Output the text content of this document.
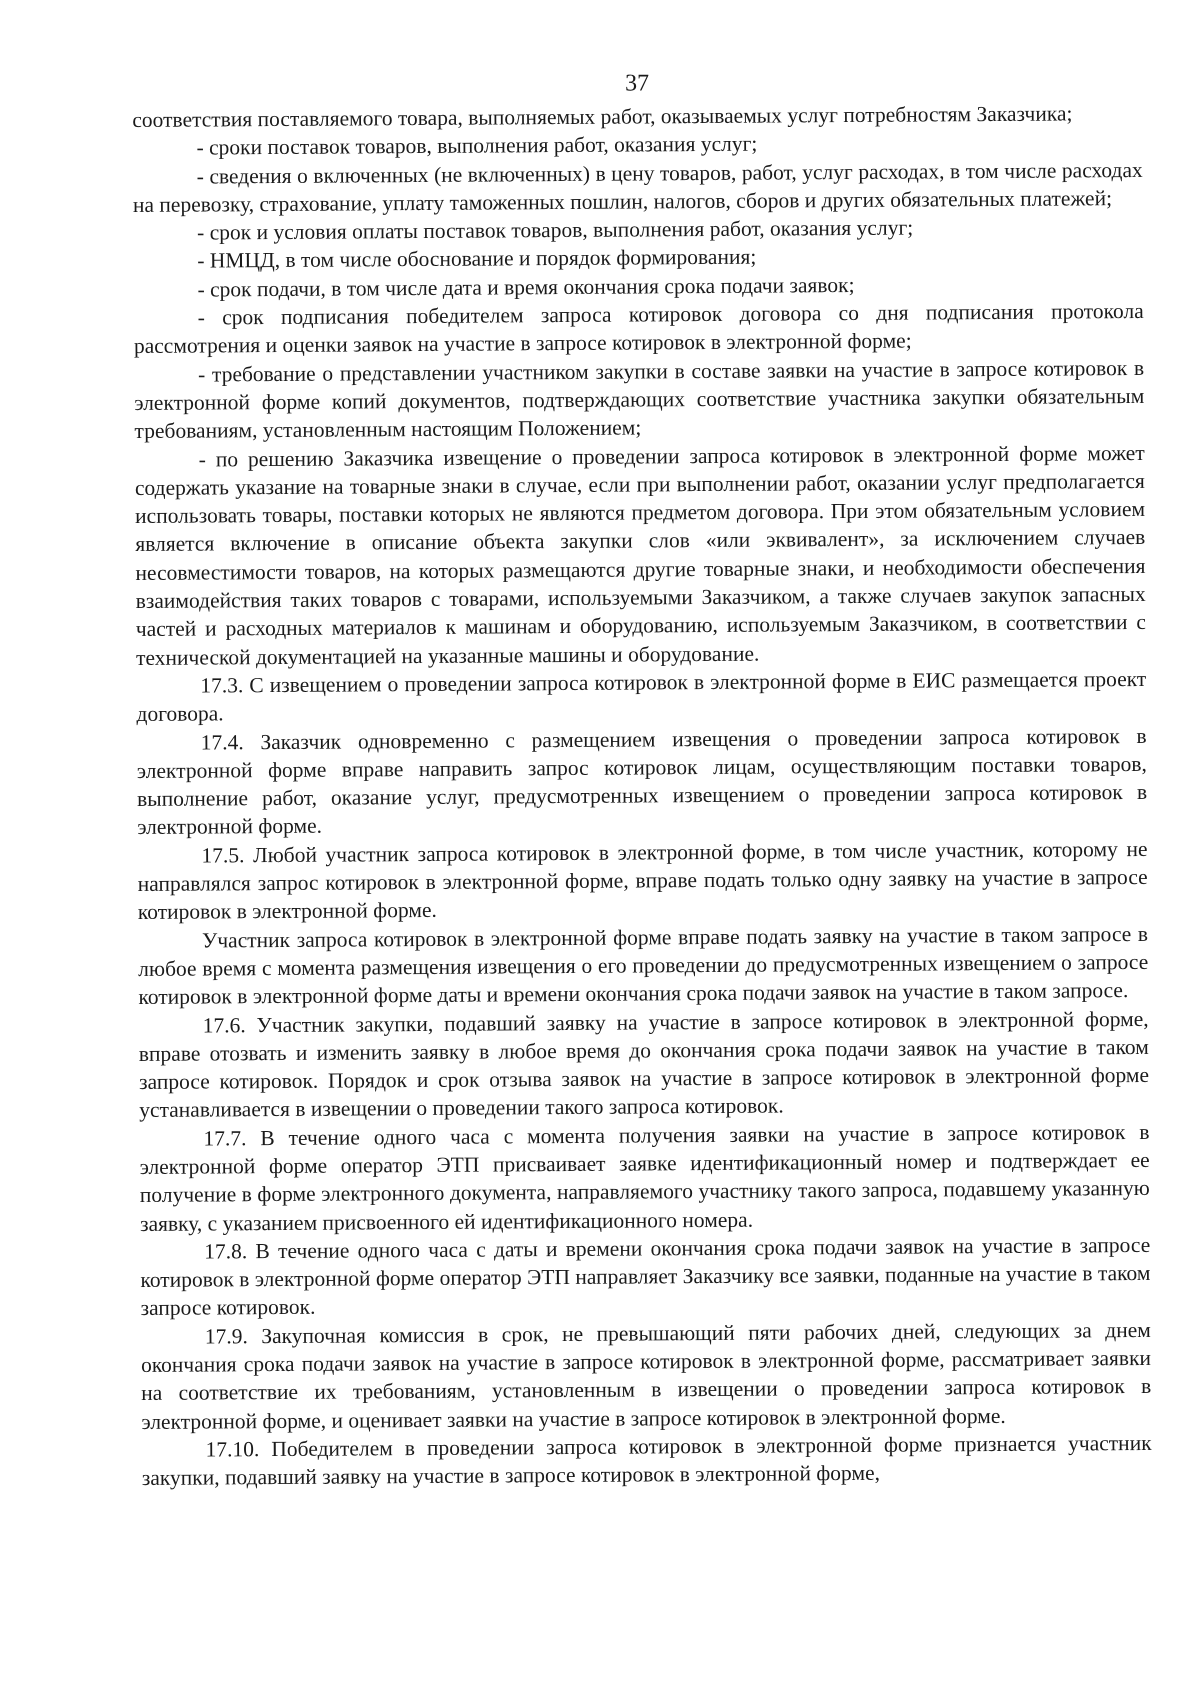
37

соответствия поставляемого товара, выполняемых работ, оказываемых услуг потребностям Заказчика;

- сроки поставок товаров, выполнения работ, оказания услуг;

- сведения о включенных (не включенных) в цену товаров, работ, услуг расходах, в том числе расходах на перевозку, страхование, уплату таможенных пошлин, налогов, сборов и других обязательных платежей;

- срок и условия оплаты поставок товаров, выполнения работ, оказания услуг;

- НМЦД, в том числе обоснование и порядок формирования;

- срок подачи, в том числе дата и время окончания срока подачи заявок;

- срок подписания победителем запроса котировок договора со дня подписания протокола рассмотрения и оценки заявок на участие в запросе котировок в электронной форме;

- требование о представлении участником закупки в составе заявки на участие в запросе котировок в электронной форме копий документов, подтверждающих соответствие участника закупки обязательным требованиям, установленным настоящим Положением;

- по решению Заказчика извещение о проведении запроса котировок в электронной форме может содержать указание на товарные знаки в случае, если при выполнении работ, оказании услуг предполагается использовать товары, поставки которых не являются предметом договора. При этом обязательным условием является включение в описание объекта закупки слов «или эквивалент», за исключением случаев несовместимости товаров, на которых размещаются другие товарные знаки, и необходимости обеспечения взаимодействия таких товаров с товарами, используемыми Заказчиком, а также случаев закупок запасных частей и расходных материалов к машинам и оборудованию, используемым Заказчиком, в соответствии с технической документацией на указанные машины и оборудование.

17.3. С извещением о проведении запроса котировок в электронной форме в ЕИС размещается проект договора.

17.4. Заказчик одновременно с размещением извещения о проведении запроса котировок в электронной форме вправе направить запрос котировок лицам, осуществляющим поставки товаров, выполнение работ, оказание услуг, предусмотренных извещением о проведении запроса котировок в электронной форме.

17.5. Любой участник запроса котировок в электронной форме, в том числе участник, которому не направлялся запрос котировок в электронной форме, вправе подать только одну заявку на участие в запросе котировок в электронной форме.

Участник запроса котировок в электронной форме вправе подать заявку на участие в таком запросе в любое время с момента размещения извещения о его проведении до предусмотренных извещением о запросе котировок в электронной форме даты и времени окончания срока подачи заявок на участие в таком запросе.

17.6. Участник закупки, подавший заявку на участие в запросе котировок в электронной форме, вправе отозвать и изменить заявку в любое время до окончания срока подачи заявок на участие в таком запросе котировок. Порядок и срок отзыва заявок на участие в запросе котировок в электронной форме устанавливается в извещении о проведении такого запроса котировок.

17.7. В течение одного часа с момента получения заявки на участие в запросе котировок в электронной форме оператор ЭТП присваивает заявке идентификационный номер и подтверждает ее получение в форме электронного документа, направляемого участнику такого запроса, подавшему указанную заявку, с указанием присвоенного ей идентификационного номера.

17.8. В течение одного часа с даты и времени окончания срока подачи заявок на участие в запросе котировок в электронной форме оператор ЭТП направляет Заказчику все заявки, поданные на участие в таком запросе котировок.

17.9. Закупочная комиссия в срок, не превышающий пяти рабочих дней, следующих за днем окончания срока подачи заявок на участие в запросе котировок в электронной форме, рассматривает заявки на соответствие их требованиям, установленным в извещении о проведении запроса котировок в электронной форме, и оценивает заявки на участие в запросе котировок в электронной форме.

17.10. Победителем в проведении запроса котировок в электронной форме признается участник закупки, подавший заявку на участие в запросе котировок в электронной форме,
